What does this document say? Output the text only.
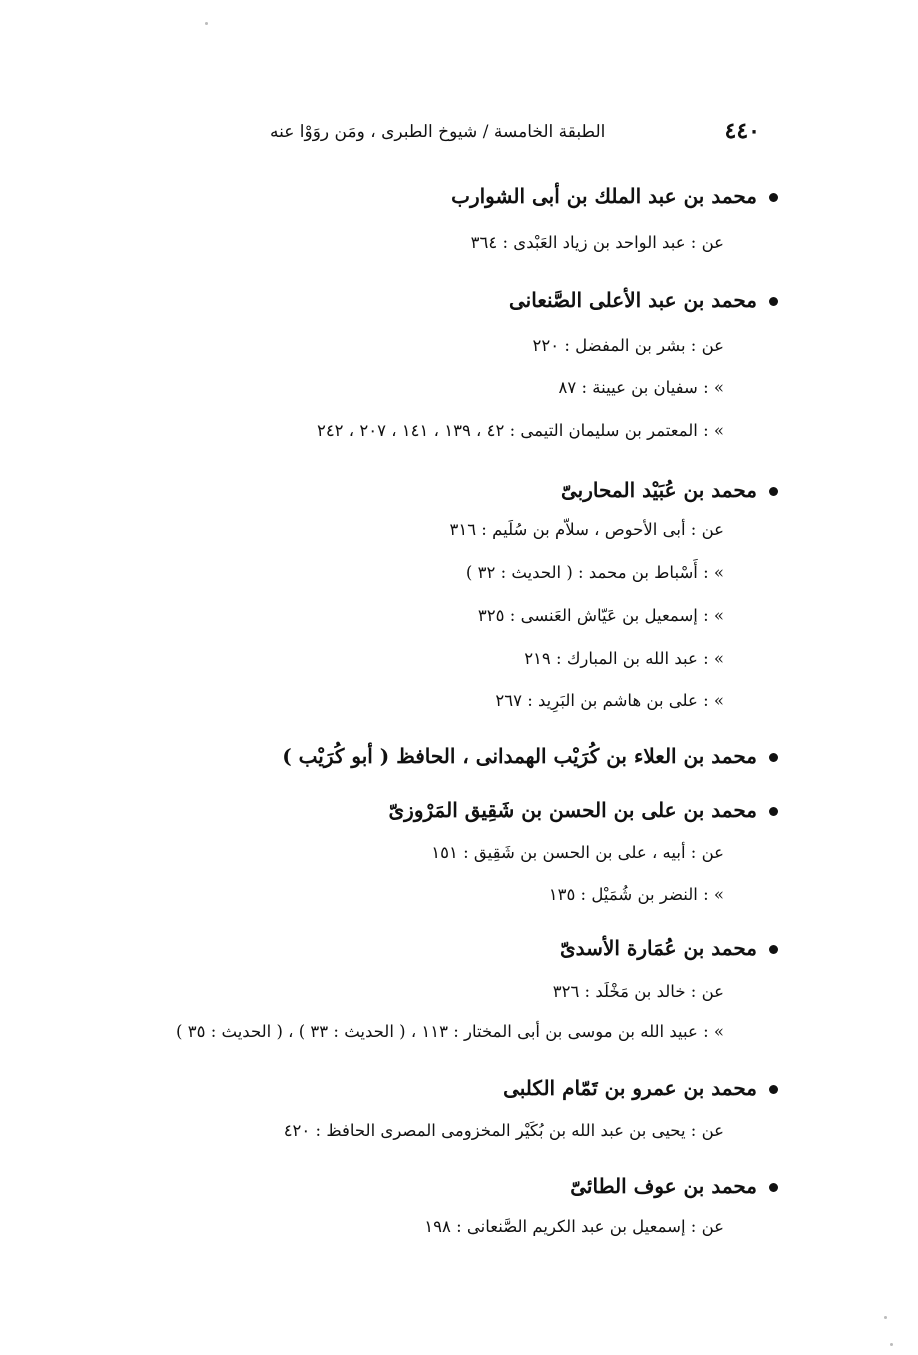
٤٤٠
الطبقة الخامسة / شيوخ الطبرى ، ومَن روَوْا عنه
محمد بن عبد الملك بن أبى الشوارب
عن : عبد الواحد بن زياد العَبْدى : ٣٦٤
محمد بن عبد الأعلى الصَّنعانى
عن : بشر بن المفضل : ٢٢٠
» : سفيان بن عيينة : ٨٧
» : المعتمر بن سليمان التيمى : ٤٢ ، ١٣٩ ، ١٤١ ، ٢٠٧ ، ٢٤٢
محمد بن عُبَيْد المحاربىّ
عن : أبى الأحوص ، سلاّم بن سُلَيم : ٣١٦
» : أَسْباط بن محمد : ( الحديث : ٣٢ )
» : إسمعيل بن عَيّاش العَنسى : ٣٢٥
» : عبد الله بن المبارك : ٢١٩
» : على بن هاشم بن البَرِيد : ٢٦٧
محمد بن العلاء بن كُرَيْب الهمدانى ، الحافظ ( أبو كُرَيْب )
محمد بن على بن الحسن بن شَقِيق المَرْوزىّ
عن : أبيه ، على بن الحسن بن شَقِيق : ١٥١
» : النضر بن شُمَيْل : ١٣٥
محمد بن عُمَارة الأسدىّ
عن : خالد بن مَخْلَد : ٣٢٦
» : عبيد الله بن موسى بن أبى المختار : ١١٣ ، ( الحديث : ٣٣ ) ، ( الحديث : ٣٥ )
محمد بن عمرو بن تَمّام الكلبى
عن : يحيى بن عبد الله بن بُكَيْر المخزومى المصرى الحافظ : ٤٢٠
محمد بن عوف الطائىّ
عن : إسمعيل بن عبد الكريم الصَّنعانى : ١٩٨
